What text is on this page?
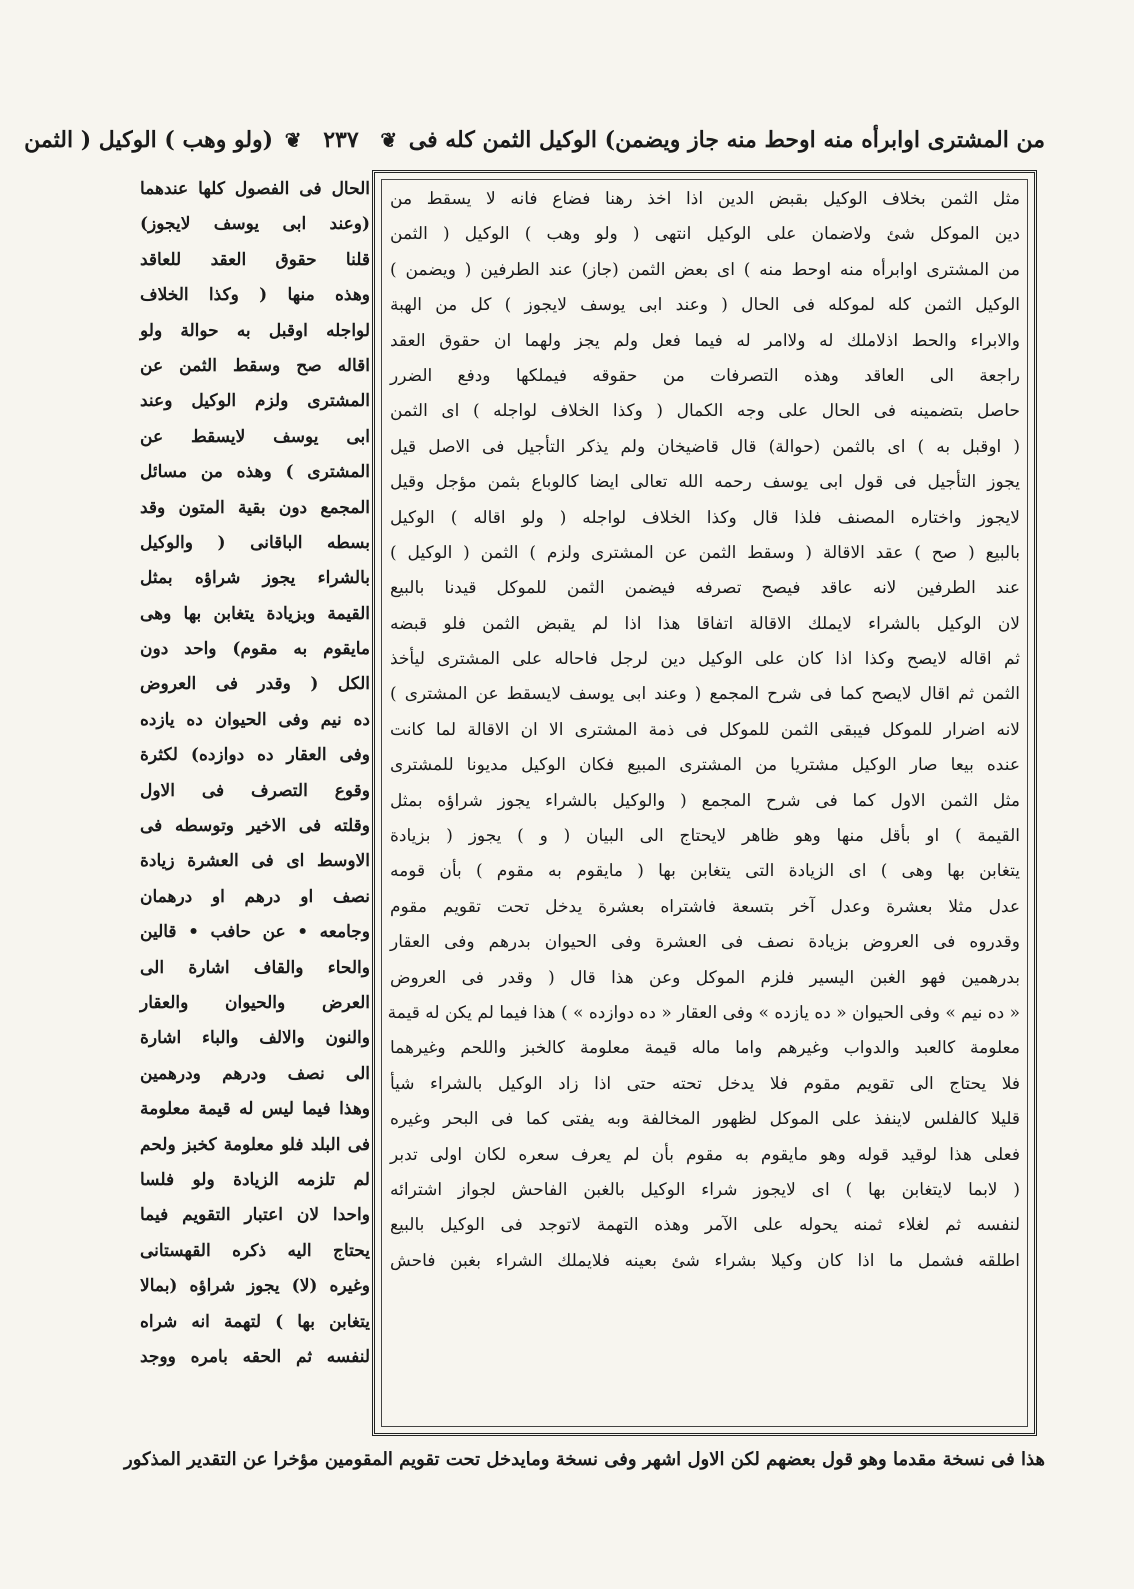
من المشترى اوابرأه منه اوحط منه جاز ويضمن) الوكيل الثمن كله فى ❦ ٢٣٧ ❦ (ولو وهب ) الوكيل ( الثمن
مثل الثمن بخلاف الوكيل بقبض الدين اذا اخذ رهنا فضاع فانه لا يسقط من
دين الموكل شئ ولاضمان على الوكيل انتهى ( ولو وهب ) الوكيل ( الثمن
من المشترى اوابرأه منه اوحط منه ) اى بعض الثمن (جاز) عند الطرفين ( ويضمن )
الوكيل الثمن كله لموكله فى الحال ( وعند ابى يوسف لايجوز ) كل من الهبة
والابراء والحط اذلاملك له ولاامر له فيما فعل ولم يجز ولهما ان حقوق العقد
راجعة الى العاقد وهذه التصرفات من حقوقه فيملكها ودفع الضرر
حاصل بتضمينه فى الحال على وجه الكمال ( وكذا الخلاف لواجله ) اى الثمن
( اوقبل به ) اى بالثمن (حوالة) قال قاضيخان ولم يذكر التأجيل فى الاصل قيل
يجوز التأجيل فى قول ابى يوسف رحمه الله تعالى ايضا كالوباع بثمن مؤجل وقيل
لايجوز واختاره المصنف فلذا قال وكذا الخلاف لواجله ( ولو اقاله ) الوكيل
بالبيع ( صح ) عقد الاقالة ( وسقط الثمن عن المشترى ولزم ) الثمن ( الوكيل )
عند الطرفين لانه عاقد فيصح تصرفه فيضمن الثمن للموكل قيدنا بالبيع
لان الوكيل بالشراء لايملك الاقالة اتفاقا هذا اذا لم يقبض الثمن فلو قبضه
ثم اقاله لايصح وكذا اذا كان على الوكيل دين لرجل فاحاله على المشترى ليأخذ
الثمن ثم اقال لايصح كما فى شرح المجمع ( وعند ابى يوسف لايسقط عن المشترى )
لانه اضرار للموكل فيبقى الثمن للموكل فى ذمة المشترى الا ان الاقالة لما كانت
عنده بيعا صار الوكيل مشتريا من المشترى المبيع فكان الوكيل مديونا للمشترى
مثل الثمن الاول كما فى شرح المجمع ( والوكيل بالشراء يجوز شراؤه بمثل
القيمة ) او بأقل منها وهو ظاهر لايحتاج الى البيان ( و ) يجوز ( بزيادة
يتغابن بها وهى ) اى الزيادة التى يتغابن بها ( مايقوم به مقوم ) بأن قومه
عدل مثلا بعشرة وعدل آخر بتسعة فاشتراه بعشرة يدخل تحت تقويم مقوم
وقدروه فى العروض بزيادة نصف فى العشرة وفى الحيوان بدرهم وفى العقار
بدرهمين فهو الغبن اليسير فلزم الموكل وعن هذا قال ( وقدر فى العروض
« ده نيم » وفى الحيوان « ده يازده » وفى العقار « ده دوازده » ) هذا فيما لم يكن له قيمة
معلومة كالعبد والدواب وغيرهم واما ماله قيمة معلومة كالخبز واللحم وغيرهما
فلا يحتاج الى تقويم مقوم فلا يدخل تحته حتى اذا زاد الوكيل بالشراء شيأ
قليلا كالفلس لاينفذ على الموكل لظهور المخالفة وبه يفتى كما فى البحر وغيره
فعلى هذا لوقيد قوله وهو مايقوم به مقوم بأن لم يعرف سعره لكان اولى تدبر
( لابما لايتغابن بها ) اى لايجوز شراء الوكيل بالغبن الفاحش لجواز اشترائه
لنفسه ثم لغلاء ثمنه يحوله على الآمر وهذه التهمة لاتوجد فى الوكيل بالبيع
اطلقه فشمل ما اذا كان وكيلا بشراء شئ بعينه فلايملك الشراء بغبن فاحش
الحال فى الفصول كلها عندهما
(وعند ابى يوسف لايجوز)
قلنا حقوق العقد للعاقد
وهذه منها ( وكذا الخلاف
لواجله اوقبل به حوالة ولو
اقاله صح وسقط الثمن عن
المشترى ولزم الوكيل وعند
ابى يوسف لايسقط عن
المشترى ) وهذه من مسائل
المجمع دون بقية المتون وقد
بسطه الباقانى ( والوكيل
بالشراء يجوز شراؤه بمثل
القيمة وبزيادة يتغابن بها وهى
مايقوم به مقوم) واحد دون
الكل ( وقدر فى العروض
ده نيم وفى الحيوان ده يازده
وفى العقار ده دوازده) لكثرة
وقوع التصرف فى الاول
وقلته فى الاخير وتوسطه فى
الاوسط اى فى العشرة زيادة
نصف او درهم او درهمان
وجامعه • عن حافب • قالين
والحاء والقاف اشارة الى
العرض والحيوان والعقار
والنون والالف والباء اشارة
الى نصف ودرهم ودرهمين
وهذا فيما ليس له قيمة معلومة
فى البلد فلو معلومة كخبز ولحم
لم تلزمه الزيادة ولو فلسا
واحدا لان اعتبار التقويم فيما
يحتاج اليه ذكره القهستانى
وغيره (لا) يجوز شراؤه (بمالا
يتغابن بها ) لتهمة انه شراه
لنفسه ثم الحقه بامره ووجد
هذا فى نسخة مقدما وهو قول بعضهم لكن الاول اشهر وفى نسخة ومايدخل تحت تقويم المقومين مؤخرا عن التقدير المذكور
